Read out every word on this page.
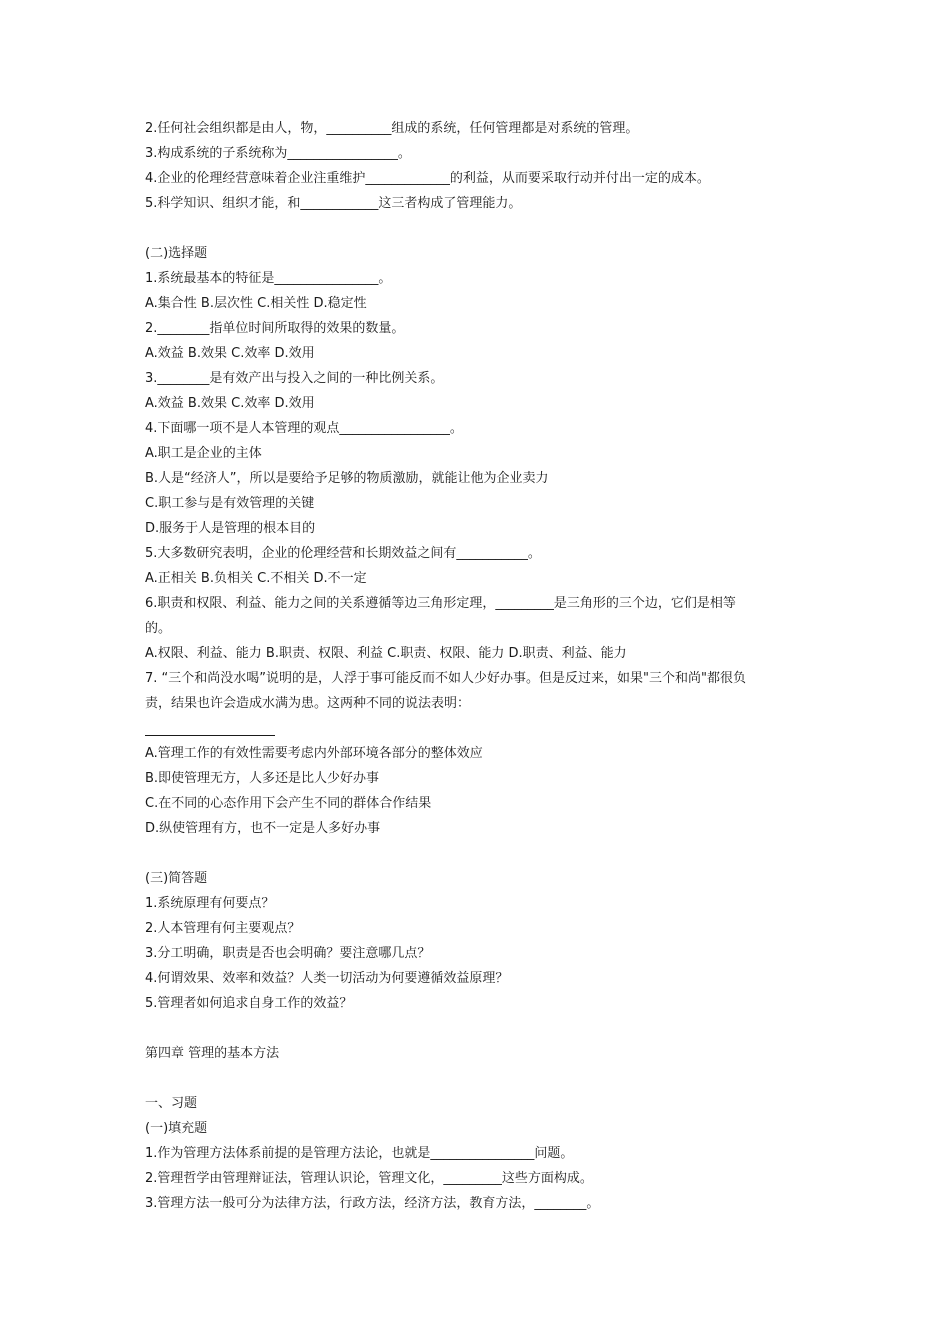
2.任何社会组织都是由人，物，__________组成的系统，任何管理都是对系统的管理。
3.构成系统的子系统称为_________________。
4.企业的伦理经营意味着企业注重维护_____________的利益，从而要采取行动并付出一定的成本。
5.科学知识、组织才能，和____________这三者构成了管理能力。
(二)选择题
1.系统最基本的特征是________________。
A.集合性 B.层次性 C.相关性 D.稳定性
2.________指单位时间所取得的效果的数量。
A.效益 B.效果 C.效率 D.效用
3.________是有效产出与投入之间的一种比例关系。
A.效益 B.效果 C.效率 D.效用
4.下面哪一项不是人本管理的观点_________________。
A.职工是企业的主体
B.人是“经济人”，所以是要给予足够的物质激励，就能让他为企业卖力
C.职工参与是有效管理的关键
D.服务于人是管理的根本目的
5.大多数研究表明，企业的伦理经营和长期效益之间有___________。
A.正相关 B.负相关 C.不相关 D.不一定
6.职责和权限、利益、能力之间的关系遵循等边三角形定理，_________是三角形的三个边，它们是相等
的。
A.权限、利益、能力 B.职责、权限、利益 C.职责、权限、能力 D.职责、利益、能力
7. “三个和尚没水喝”说明的是，人浮于事可能反而不如人少好办事。但是反过来，如果"三个和尚"都很负
责，结果也许会造成水满为患。这两种不同的说法表明：
A.管理工作的有效性需要考虑内外部环境各部分的整体效应
B.即使管理无方，人多还是比人少好办事
C.在不同的心态作用下会产生不同的群体合作结果
D.纵使管理有方，也不一定是人多好办事
(三)简答题
1.系统原理有何要点？
2.人本管理有何主要观点？
3.分工明确，职责是否也会明确？要注意哪几点？
4.何谓效果、效率和效益？人类一切活动为何要遵循效益原理？
5.管理者如何追求自身工作的效益？
第四章 管理的基本方法
一、习题
(一)填充题
1.作为管理方法体系前提的是管理方法论，也就是________________问题。
2.管理哲学由管理辩证法，管理认识论，管理文化，_________这些方面构成。
3.管理方法一般可分为法律方法，行政方法，经济方法，教育方法，________。
